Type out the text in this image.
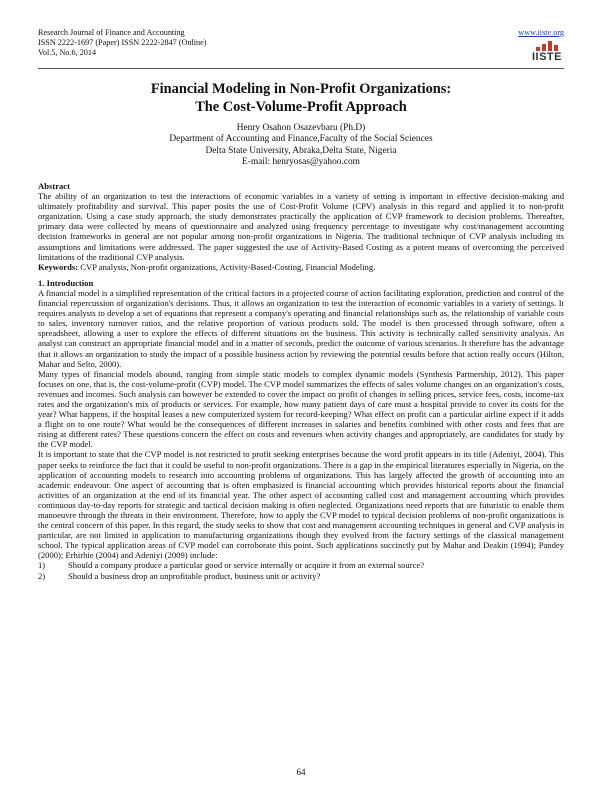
Research Journal of Finance and Accounting
ISSN 2222-1697 (Paper) ISSN 2222-2847 (Online)
Vol.5, No.6, 2014
www.iiste.org
IISTE
Financial Modeling in Non-Profit Organizations:
The Cost-Volume-Profit Approach
Henry Osahon Osazevbaru (Ph.D)
Department of Accounting and Finance,Faculty of the Social Sciences
Delta State University, Abraka,Delta State, Nigeria
E-mail: henryosas@yahoo.com

Abstract

The ability of an organization to test the interactions of economic variables in a variety of setting is important in effective decision-making and ultimately profitability and survival. This paper posits the use of Cost-Profit Volume (CPV) analysis in this regard and applied it to non-profit organization. Using a case study approach, the study demonstrates practically the application of CVP framework to decision problems. Thereafter, primary data were collected by means of questionnaire and analyzed using frequency percentage to investigate why cost/management accounting decision frameworks in general are not popular among non-profit organizations in Nigeria. The traditional technique of CVP analysis including its assumptions and limitations were addressed. The paper suggested the use of Activity-Based Costing as a potent means of overcoming the perceived limitations of the traditional CVP analysis.

Keywords: CVP analysis, Non-profit organizations, Activity-Based-Costing, Financial Modeling.

1. Introduction

A financial model is a simplified representation of the critical factors in a projected course of action facilitating exploration, prediction and control of the financial repercussion of organization's decisions. Thus, it allows an organization to test the interaction of economic variables in a variety of settings. It requires analysts to develop a set of equations that represent a company's operating and financial relationships such as, the relationship of variable costs to sales, inventory turnover ratios, and the relative proportion of various products sold. The model is then processed through software, often a spreadsheet, allowing a user to explore the effects of different situations on the business. This activity is technically called sensitivity analysis. An analyst can construct an appropriate financial model and in a matter of seconds, predict the outcome of various scenarios. It therefore has the advantage that it allows an organization to study the impact of a possible business action by reviewing the potential results before that action really occurs (Hilton, Mahar and Selto, 2000).

Many types of financial models abound, ranging from simple static models to complex dynamic models (Synthesis Partnership, 2012). This paper focuses on one, that is, the cost-volume-profit (CVP) model. The CVP model summarizes the effects of sales volume changes on an organization's costs, revenues and incomes. Such analysis can however be extended to cover the impact on profit of changes in selling prices, service fees, costs, income-tax rates and the organization's mix of products or services. For example, how many patient days of care must a hospital provide to cover its costs for the year? What happens, if the hospital leases a new computerized system for record-keeping? What effect on profit can a particular airline expect if it adds a flight on to one route? What would be the consequences of different increases in salaries and benefits combined with other costs and fees that are rising at different rates? These questions concern the effect on costs and revenues when activity changes and appropriately, are candidates for study by the CVP model.

It is important to state that the CVP model is not restricted to profit seeking enterprises because the word profit appears in its title (Adeniyi, 2004). This paper seeks to reinforce the fact that it could be useful to non-profit organizations. There is a gap in the empirical literatures especially in Nigeria, on the application of accounting models to research into accounting problems of organizations. This has largely affected the growth of accounting into an academic endeavour. One aspect of accounting that is often emphasized is financial accounting which provides historical reports about the financial activities of an organization at the end of its financial year. The other aspect of accounting called cost and management accounting which provides continuous day-to-day reports for strategic and tactical decision making is often neglected. Organizations need reports that are futuristic to enable them manoeuvre through the threats in their environment. Therefore, how to apply the CVP model to typical decision problems of non-profit organizations is the central concern of this paper. In this regard, the study seeks to show that cost and management accounting techniques in general and CVP analysis in particular, are not limited in application to manufacturing organizations though they evolved from the factory settings of the classical management school. The typical application areas of CVP model can corroborate this point. Such applications succinctly put by Mahar and Deakin (1994); Pandey (2000); Erhirhie (2004) and Adeniyi (2009) include:

1)	Should a company produce a particular good or service internally or acquire it from an external source?
2)	Should a business drop an unprofitable product, business unit or activity?
64
